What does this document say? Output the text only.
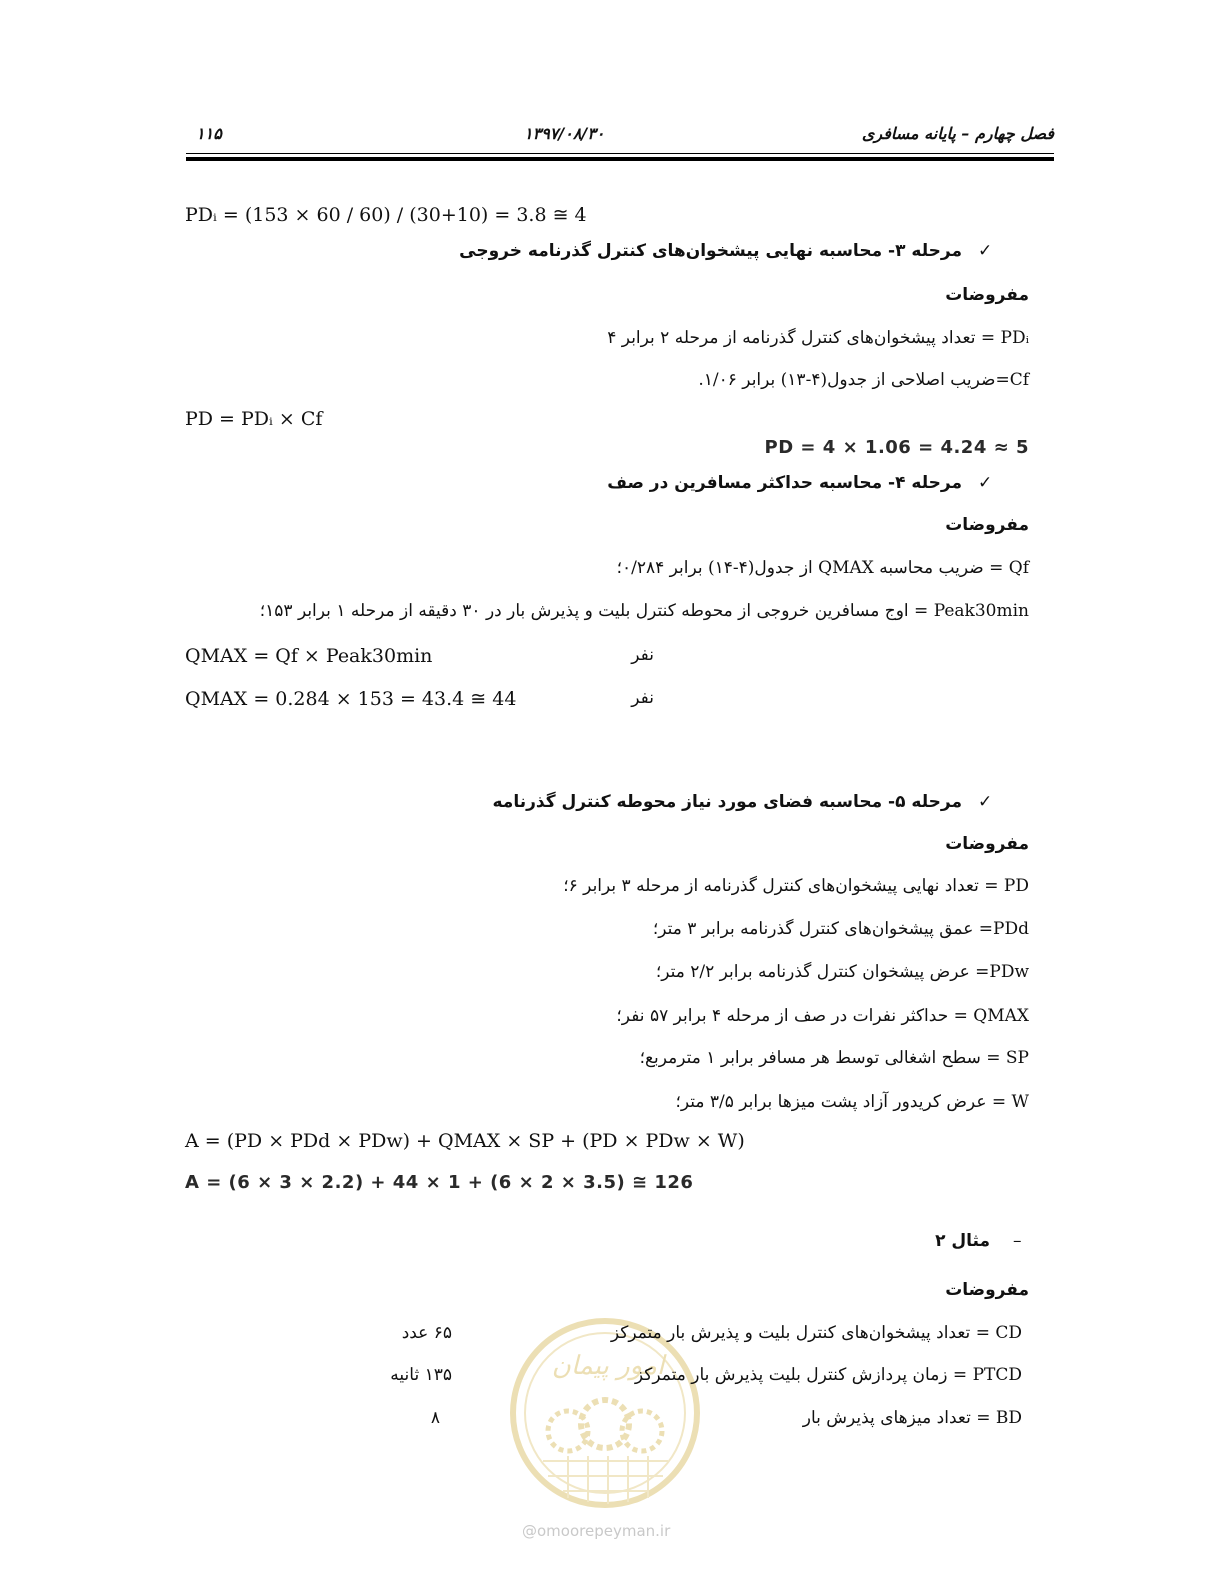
فصل چهارم – پایانه مسافری
۱۳۹۷/۰۸/۳۰
۱۱۵
PDᵢ = (153 × 60 / 60) / (30+10) = 3.8 ≅ 4
✓
مرحله ۳- محاسبه نهایی پیشخوان‌های کنترل گذرنامه خروجی
مفروضات
PDᵢ = تعداد پیشخوان‌های کنترل گذرنامه از مرحله ۲ برابر ۴
Cf=ضریب اصلاحی از جدول(۴-۱۳) برابر ۱/۰۶.
PD = PDᵢ × Cf
PD = 4 × 1.06 = 4.24 ≈ 5
✓
مرحله ۴- محاسبه حداکثر مسافرین در صف
مفروضات
Qf = ضریب محاسبه QMAX از جدول(۴-۱۴) برابر ۰/۲۸۴؛
Peak30min = اوج مسافرین خروجی از محوطه کنترل بلیت و پذیرش بار در ۳۰ دقیقه از مرحله ۱ برابر ۱۵۳؛
QMAX = Qf × Peak30min	نفر
QMAX = 0.284 × 153 = 43.4 ≅ 44	نفر
✓
مرحله ۵- محاسبه فضای مورد نیاز محوطه کنترل گذرنامه
مفروضات
PD = تعداد نهایی پیشخوان‌های کنترل گذرنامه از مرحله ۳ برابر ۶؛
PDd= عمق پیشخوان‌های کنترل گذرنامه برابر ۳ متر؛
PDw= عرض پیشخوان کنترل گذرنامه برابر ۲/۲ متر؛
QMAX = حداکثر نفرات در صف از مرحله ۴ برابر ۵۷ نفر؛
SP = سطح اشغالی توسط هر مسافر برابر ۱ مترمربع؛
W = عرض کریدور آزاد پشت میزها برابر ۳/۵ متر؛
A = (PD × PDd × PDw) + QMAX × SP + (PD × PDw × W)
A = (6 × 3 × 2.2) + 44 × 1 + (6 × 2 × 3.5) ≅ 126
–
مثال ۲
مفروضات
امور پیمان
@omoorepeyman.ir
CD = تعداد پیشخوان‌های کنترل بلیت و پذیرش بار متمرکز
۶۵ عدد
PTCD = زمان پردازش کنترل بلیت پذیرش بار متمرکز
۱۳۵ ثانیه
BD = تعداد میزهای پذیرش بار
۸
